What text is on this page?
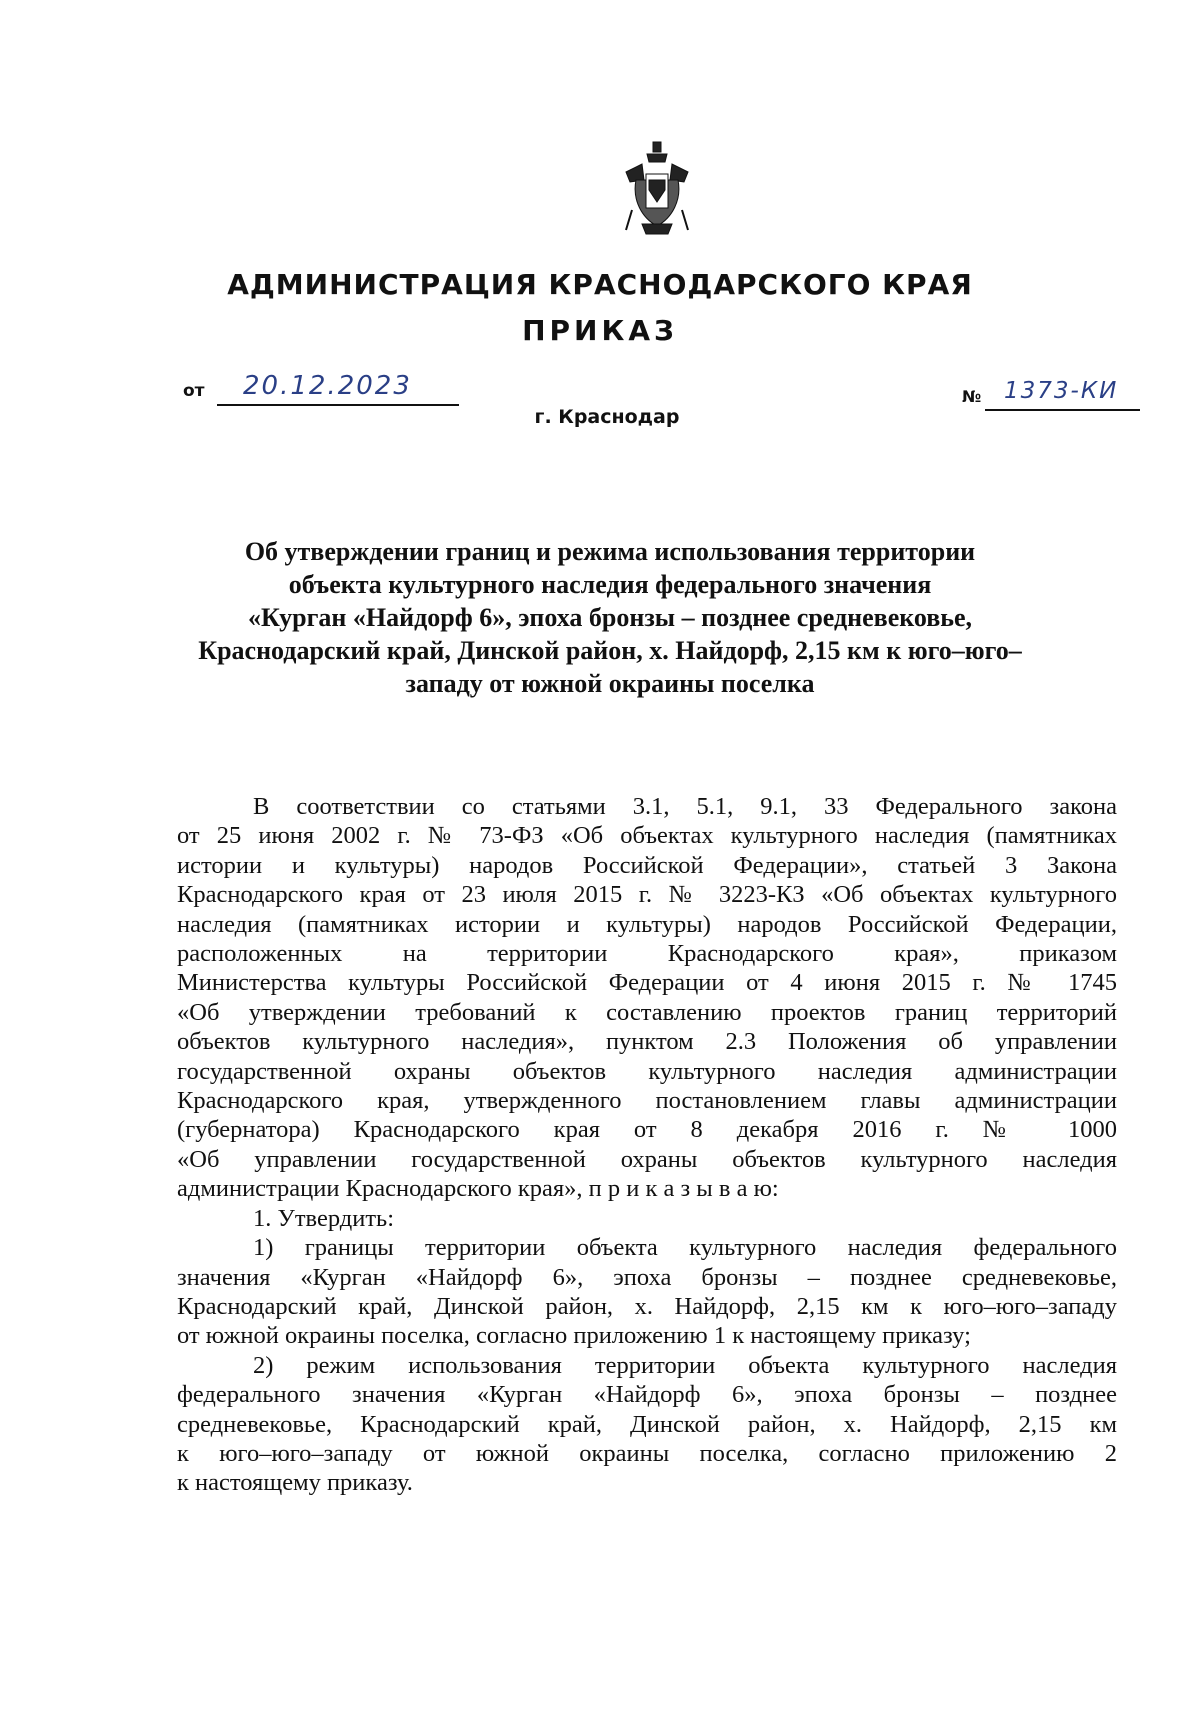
АДМИНИСТРАЦИЯ КРАСНОДАРСКОГО КРАЯ
ПРИКАЗ
от 20.12.2023
г. Краснодар
№ 1373-КИ
Об утверждении границ и режима использования территории
объекта культурного наследия федерального значения
«Курган «Найдорф 6», эпоха бронзы – позднее средневековье,
Краснодарский край, Динской район, х. Найдорф, 2,15 км к юго–юго–
западу от южной окраины поселка
В соответствии со статьями 3.1, 5.1, 9.1, 33 Федерального закона
от 25 июня 2002 г. № 73-ФЗ «Об объектах культурного наследия (памятниках
истории и культуры) народов Российской Федерации», статьей 3 Закона
Краснодарского края от 23 июля 2015 г. № 3223-КЗ «Об объектах культурного
наследия (памятниках истории и культуры) народов Российской Федерации,
расположенных на территории Краснодарского края», приказом
Министерства культуры Российской Федерации от 4 июня 2015 г. № 1745
«Об утверждении требований к составлению проектов границ территорий
объектов культурного наследия», пунктом 2.3 Положения об управлении
государственной охраны объектов культурного наследия администрации
Краснодарского края, утвержденного постановлением главы администрации
(губернатора) Краснодарского края от 8 декабря 2016 г. № 1000
«Об управлении государственной охраны объектов культурного наследия
администрации Краснодарского края», п р и к а з ы в а ю:
1. Утвердить:
1) границы территории объекта культурного наследия федерального
значения «Курган «Найдорф 6», эпоха бронзы – позднее средневековье,
Краснодарский край, Динской район, х. Найдорф, 2,15 км к юго–юго–западу
от южной окраины поселка, согласно приложению 1 к настоящему приказу;
2) режим использования территории объекта культурного наследия
федерального значения «Курган «Найдорф 6», эпоха бронзы – позднее
средневековье, Краснодарский край, Динской район, х. Найдорф, 2,15 км
к юго–юго–западу от южной окраины поселка, согласно приложению 2
к настоящему приказу.
